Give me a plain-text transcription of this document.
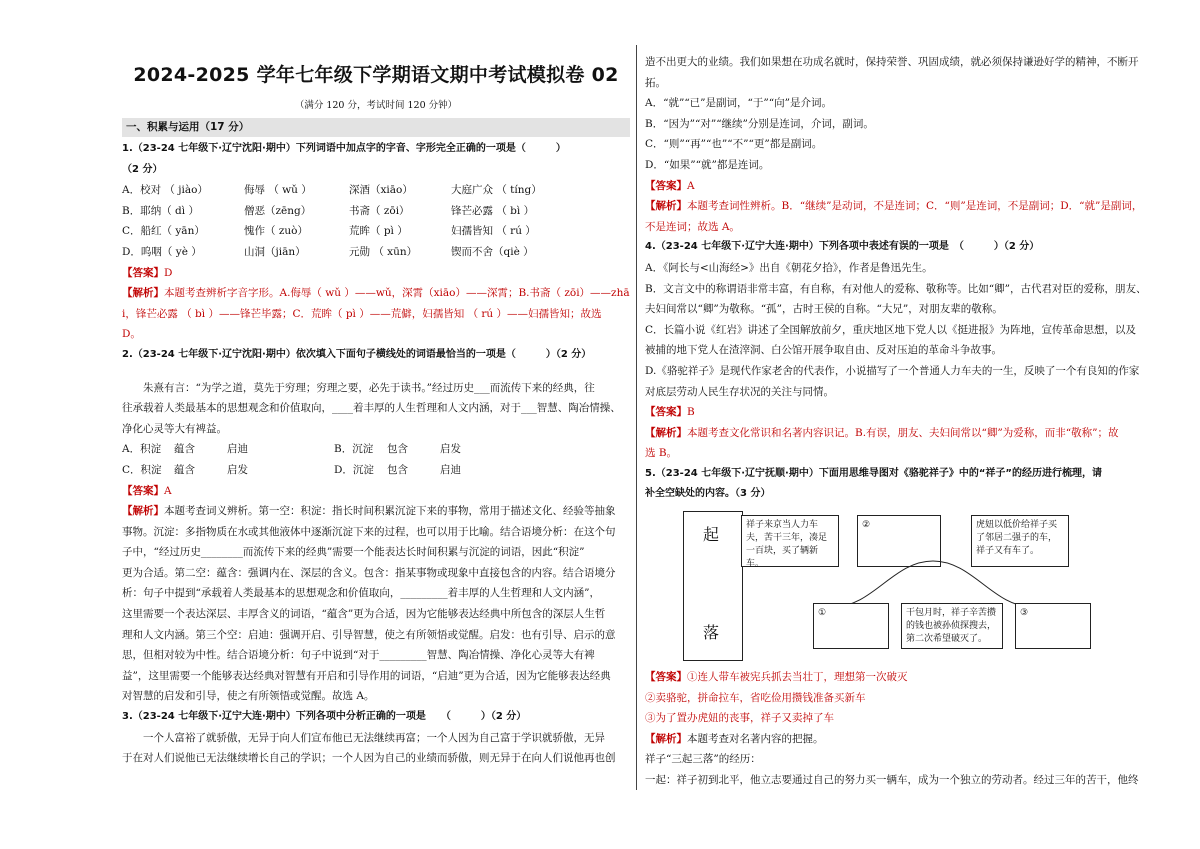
2024-2025 学年七年级下学期语文期中考试模拟卷 02
（满分 120 分，考试时间 120 分钟）
一、积累与运用（17 分）

1.（23-24 七年级下·辽宁沈阳·期中）下列词语中加点字的字音、字形完全正确的一项是（　　　）

（2 分）

A．校对 （ jiào）	侮辱 （ wǔ ）	深酒（xiāo）	大庭广众 （ tíng）
B．耶纳（ dì ）	僧恶（zēng）	书斋（ zōi）	锋芒必露 （ bì ）
C．船红（ yān）	愧作（ zuò）	荒眸（ pì ）	妇孺皆知 （ rú ）
D．呜咽（ yè ）	山洞（jiān）	元勋 （ xūn）	锲而不舍（qiè ）

【答案】D

【解析】本题考查辨析字音字形。A.侮辱（ wǔ ）——wǔ，深霄（xiāo）——深霄；B.书斋（ zōi）——zhā

i，锋芒必露 （ bì ）——锋芒毕露；C．荒眸（ pì ）——荒僻，妇孺皆知 （ rú ）——妇孺皆知；故选

D。

2.（23-24 七年级下·辽宁沈阳·期中）依次填入下面句子横线处的词语最恰当的一项是（　　　）（2 分）

朱熹有言：“为学之道，莫先于穷理；穷理之要，必先于读书。”经过历史___而流传下来的经典，往

往承载着人类最基本的思想观念和价值取向，____着丰厚的人生哲理和人文内涵，对于___智慧、陶冶情操、

净化心灵等大有裨益。

A．积淀	蕴含	启迪	B．沉淀	包含	启发
C．积淀	蕴含	启发	D．沉淀	包含	启迪

【答案】A

【解析】本题考查词义辨析。第一空：积淀：指长时间积累沉淀下来的事物，常用于描述文化、经验等抽象

事物。沉淀：多指物质在水或其他液体中逐渐沉淀下来的过程，也可以用于比喻。结合语境分析：在这个句

子中，“经过历史________而流传下来的经典”需要一个能表达长时间积累与沉淀的词语，因此“积淀”

更为合适。第二空：蕴含：强调内在、深层的含义。包含：指某事物或现象中直接包含的内容。结合语境分

析：句子中提到“承载着人类最基本的思想观念和价值取向，_________着丰厚的人生哲理和人文内涵”，

这里需要一个表达深层、丰厚含义的词语，“蕴含”更为合适，因为它能够表达经典中所包含的深层人生哲

理和人文内涵。第三个空：启迪：强调开启、引导智慧，使之有所领悟或觉醒。启发：也有引导、启示的意

思，但相对较为中性。结合语境分析：句子中说到“对于_________智慧、陶冶情操、净化心灵等大有裨

益”，这里需要一个能够表达经典对智慧有开启和引导作用的词语，“启迪”更为合适，因为它能够表达经典

对智慧的启发和引导，使之有所领悟或觉醒。故选 A。

3.（23-24 七年级下·辽宁大连·期中）下列各项中分析正确的一项是　　（　　　）（2 分）

一个人富裕了就骄傲，无异于向人们宣布他已无法继续再富；一个人因为自己富于学识就骄傲，无异

于在对人们说他已无法继续增长自己的学识；一个人因为自己的业绩而骄傲，则无异于在向人们说他再也创

造不出更大的业绩。我们如果想在功成名就时，保持荣誉、巩固成绩，就必须保持谦逊好学的精神，不断开

拓。

A．“就”“已”是副词，“于”“向”是介词。

B．“因为”“对”“继续”分别是连词，介词，副词。

C．“则”“再”“也”“不”“更”都是副词。

D．“如果”“就”都是连词。

【答案】A

【解析】本题考查词性辨析。B．“继续”是动词，不是连词；C．“则”是连词，不是副词；D．“就”是副词，

不是连词；故选 A。

4.（23-24 七年级下·辽宁大连·期中）下列各项中表述有误的一项是　（　　　）（2 分）

A．《阿长与<山海经>》出自《朝花夕拾》，作者是鲁迅先生。

B．文言文中的称谓语非常丰富，有自称，有对他人的爱称、敬称等。比如“卿”，古代君对臣的爱称，朋友、

夫妇间常以“卿”为敬称。“孤”，古时王侯的自称。“大兄”，对朋友辈的敬称。

C．长篇小说《红岩》讲述了全国解放前夕，重庆地区地下党人以《挺进报》为阵地，宣传革命思想，以及

被捕的地下党人在渣滓洞、白公馆开展争取自由、反对压迫的革命斗争故事。

D.《骆驼祥子》是现代作家老舍的代表作，小说描写了一个普通人力车夫的一生，反映了一个有良知的作家

对底层劳动人民生存状况的关注与同情。

【答案】B

【解析】本题考查文化常识和名著内容识记。B.有误，朋友、夫妇间常以“卿”为爱称，而非“敬称”；故

选 B。

5.（23-24 七年级下·辽宁抚顺·期中）下面用思维导图对《骆驼祥子》中的“祥子”的经历进行梳理，请

补全空缺处的内容。（3 分）

起
落
祥子来京当人力车夫，苦干三年，凑足一百块，买了辆新车。
②	虎妞以低价给祥子买了邻居二强子的车，祥子又有车了。
①	干包月时，祥子辛苦攒的钱也被孙侦探搜去，第二次希望破灭了。
③

【答案】①连人带车被宪兵抓去当壮丁，理想第一次破灭

②卖骆驼，拼命拉车，省吃俭用攒钱准备买新车

③为了置办虎妞的丧事，祥子又卖掉了车

【解析】本题考查对名著内容的把握。

祥子“三起三落”的经历：

一起：祥子初到北平，他立志要通过自己的努力买一辆车，成为一个独立的劳动者。经过三年的苦干，他终
